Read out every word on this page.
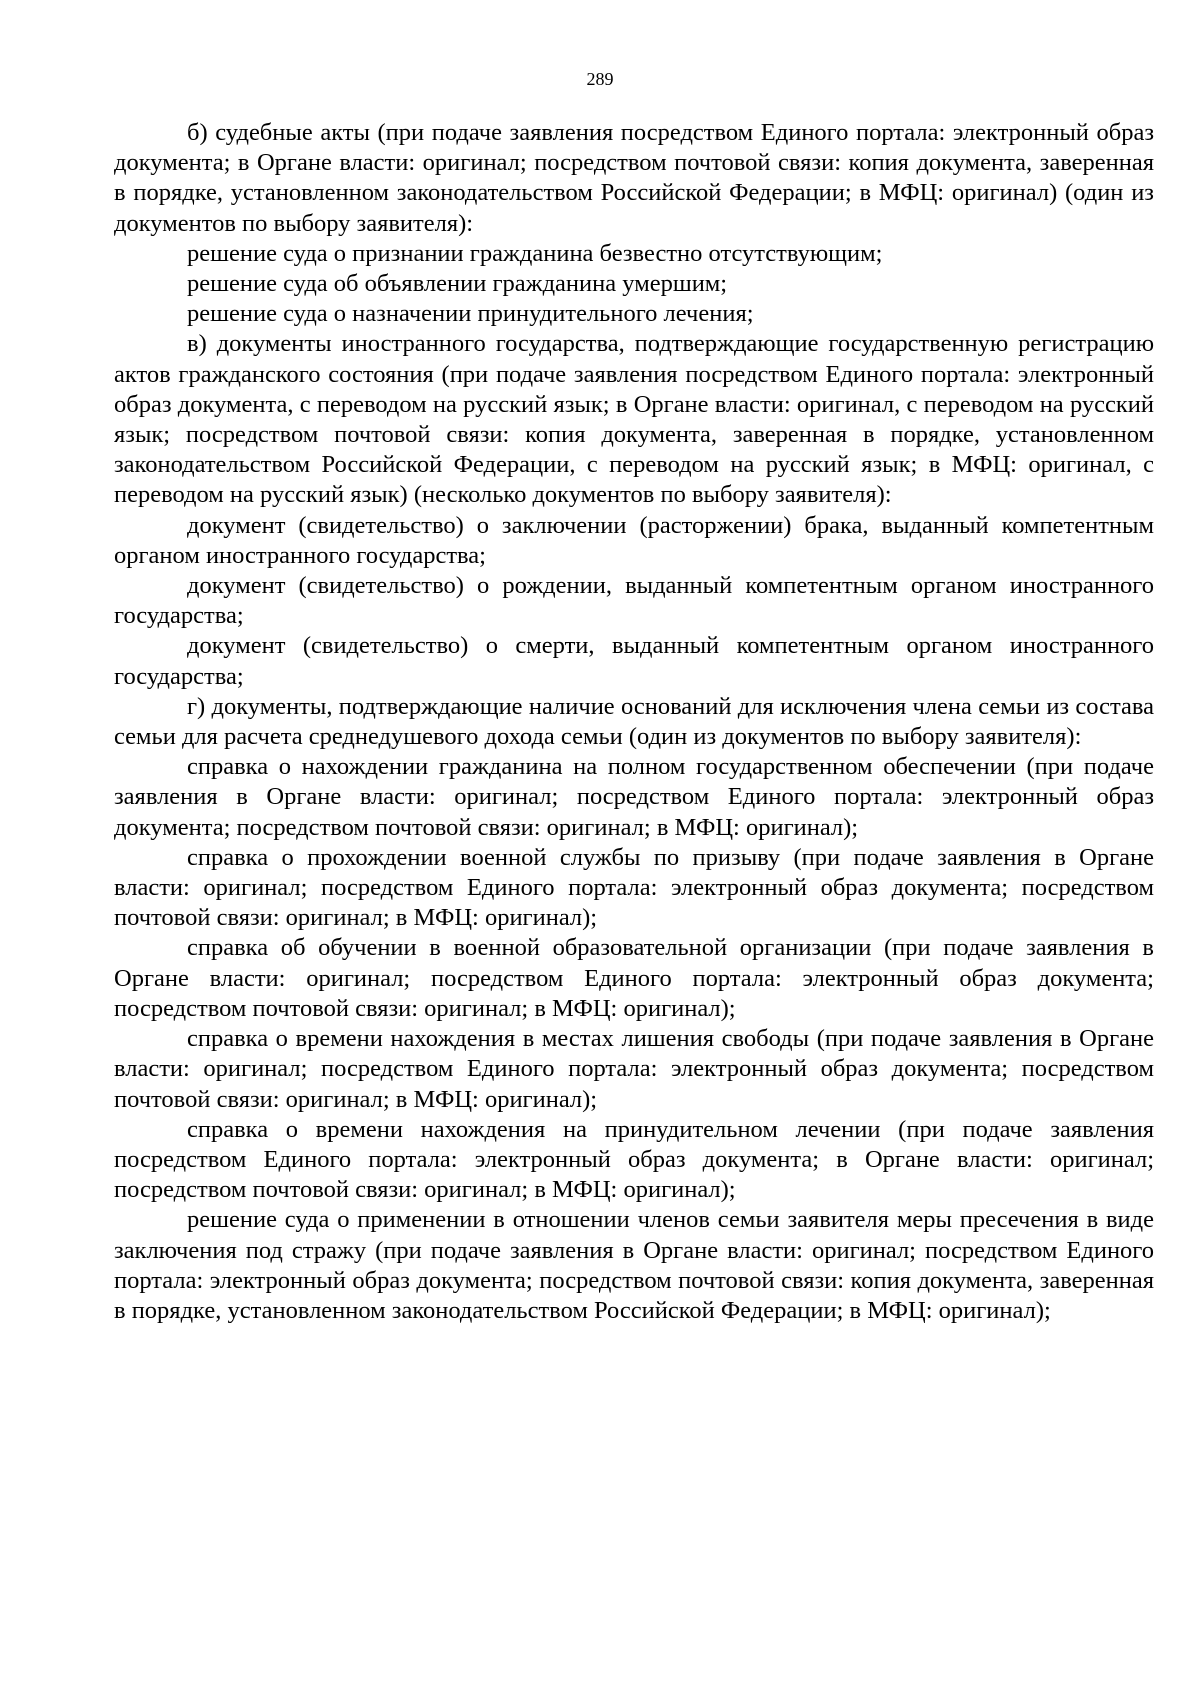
289

б) судебные акты (при подаче заявления посредством Единого портала: электронный образ документа; в Органе власти: оригинал; посредством почтовой связи: копия документа, заверенная в порядке, установленном законодательством Российской Федерации; в МФЦ: оригинал) (один из документов по выбору заявителя):

решение суда о признании гражданина безвестно отсутствующим;

решение суда об объявлении гражданина умершим;

решение суда о назначении принудительного лечения;

в) документы иностранного государства, подтверждающие государственную регистрацию актов гражданского состояния (при подаче заявления посредством Единого портала: электронный образ документа, с переводом на русский язык; в Органе власти: оригинал, с переводом на русский язык; посредством почтовой связи: копия документа, заверенная в порядке, установленном законодательством Российской Федерации, с переводом на русский язык; в МФЦ: оригинал, с переводом на русский язык) (несколько документов по выбору заявителя):

документ (свидетельство) о заключении (расторжении) брака, выданный компетентным органом иностранного государства;

документ (свидетельство) о рождении, выданный компетентным органом иностранного государства;

документ (свидетельство) о смерти, выданный компетентным органом иностранного государства;

г) документы, подтверждающие наличие оснований для исключения члена семьи из состава семьи для расчета среднедушевого дохода семьи (один из документов по выбору заявителя):

справка о нахождении гражданина на полном государственном обеспечении (при подаче заявления в Органе власти: оригинал; посредством Единого портала: электронный образ документа; посредством почтовой связи: оригинал; в МФЦ: оригинал);

справка о прохождении военной службы по призыву (при подаче заявления в Органе власти: оригинал; посредством Единого портала: электронный образ документа; посредством почтовой связи: оригинал; в МФЦ: оригинал);

справка об обучении в военной образовательной организации (при подаче заявления в Органе власти: оригинал; посредством Единого портала: электронный образ документа; посредством почтовой связи: оригинал; в МФЦ: оригинал);

справка о времени нахождения в местах лишения свободы (при подаче заявления в Органе власти: оригинал; посредством Единого портала: электронный образ документа; посредством почтовой связи: оригинал; в МФЦ: оригинал);

справка о времени нахождения на принудительном лечении (при подаче заявления посредством Единого портала: электронный образ документа; в Органе власти: оригинал; посредством почтовой связи: оригинал; в МФЦ: оригинал);

решение суда о применении в отношении членов семьи заявителя меры пресечения в виде заключения под стражу (при подаче заявления в Органе власти: оригинал; посредством Единого портала: электронный образ документа; посредством почтовой связи: копия документа, заверенная в порядке, установленном законодательством Российской Федерации; в МФЦ: оригинал);
